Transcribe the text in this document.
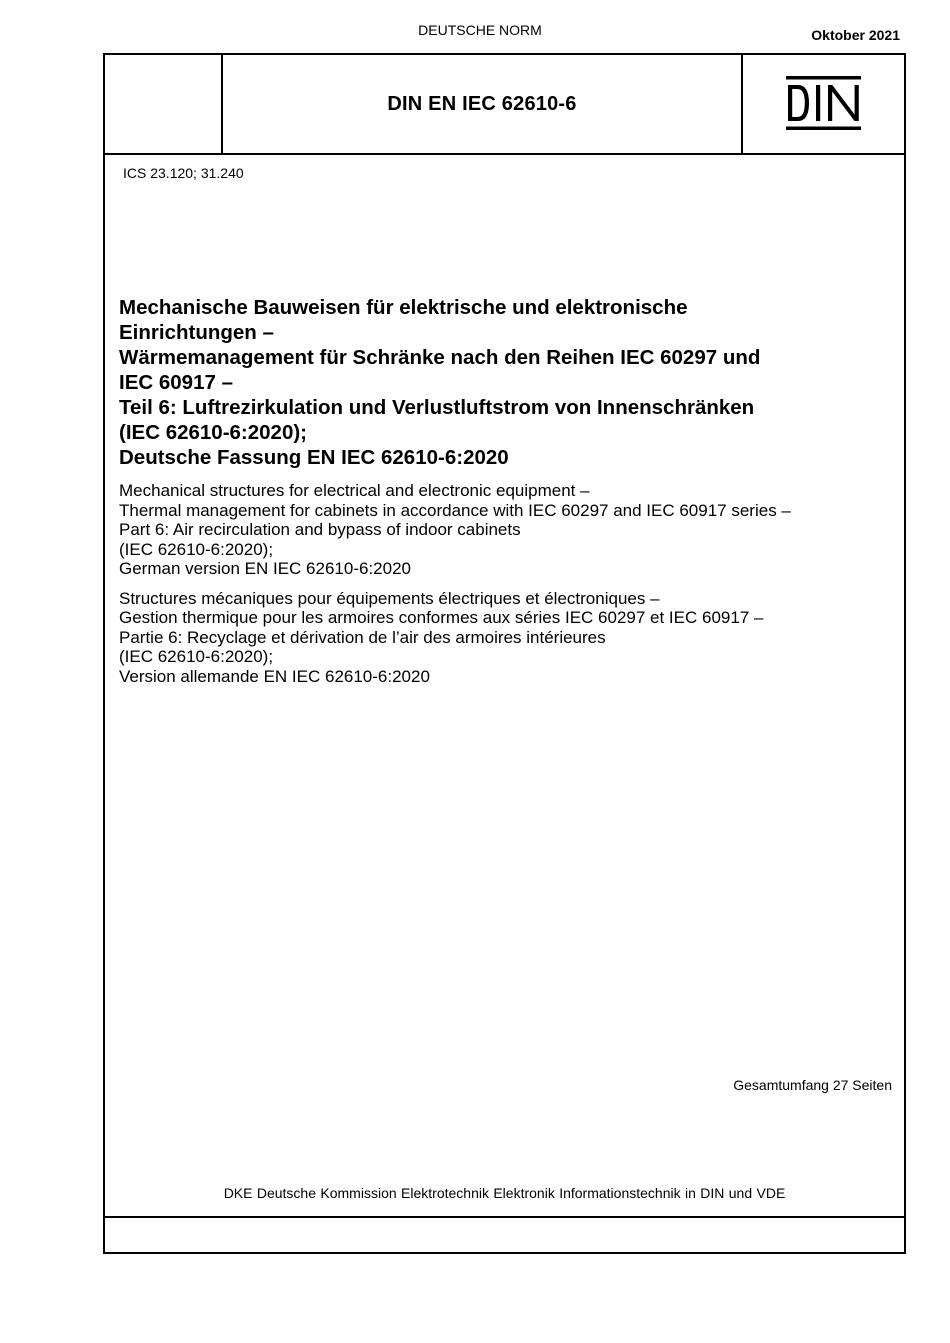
DEUTSCHE NORM	Oktober 2021
DIN EN IEC 62610-6
ICS 23.120; 31.240
Mechanische Bauweisen für elektrische und elektronische
Einrichtungen –
Wärmemanagement für Schränke nach den Reihen IEC 60297 und
IEC 60917 –
Teil 6: Luftrezirkulation und Verlustluftstrom von Innenschränken
(IEC 62610-6:2020);
Deutsche Fassung EN IEC 62610-6:2020
Mechanical structures for electrical and electronic equipment –
Thermal management for cabinets in accordance with IEC 60297 and IEC 60917 series –
Part 6: Air recirculation and bypass of indoor cabinets
(IEC 62610-6:2020);
German version EN IEC 62610-6:2020
Structures mécaniques pour équipements électriques et électroniques –
Gestion thermique pour les armoires conformes aux séries IEC 60297 et IEC 60917 –
Partie 6: Recyclage et dérivation de l’air des armoires intérieures
(IEC 62610-6:2020);
Version allemande EN IEC 62610-6:2020
Gesamtumfang 27 Seiten
DKE Deutsche Kommission Elektrotechnik Elektronik Informationstechnik in DIN und VDE
